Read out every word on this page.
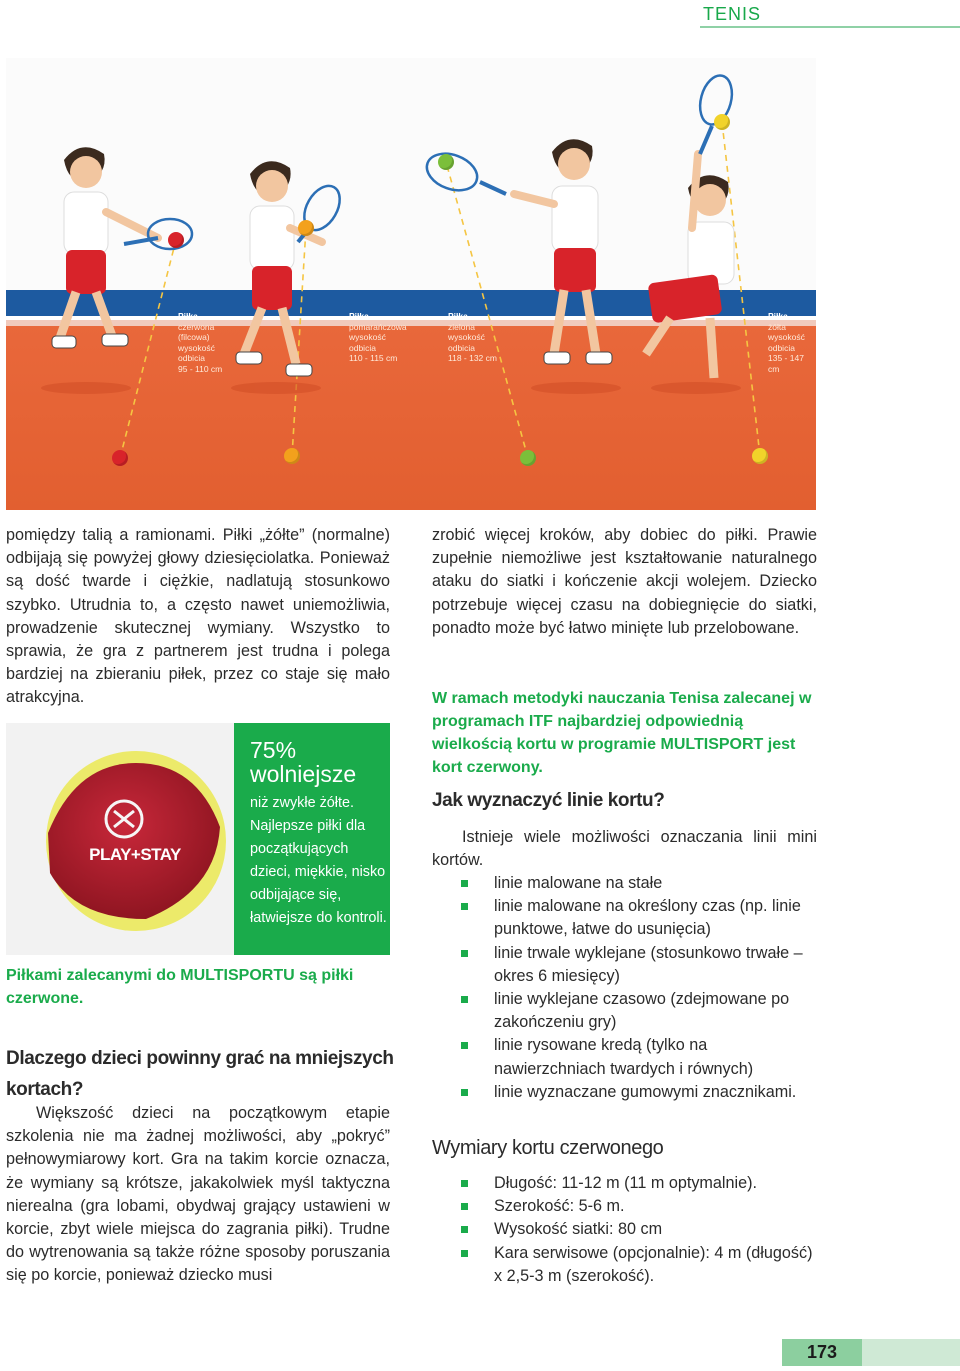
TENIS
Piłka
czerwona
(filcowa)
wysokość
odbicia
95 - 110 cm
Piłka
pomarańczowa
wysokość
odbicia
110 - 115 cm
Piłka
zielona
wysokość
odbicia
118 - 132 cm
Piłka
żółta
wysokość
odbicia
135 - 147 cm
pomiędzy talią a ramionami. Piłki „żółte” (normalne) odbijają się powyżej głowy dziesięciolatka. Ponieważ są dość twarde i ciężkie, nadlatują stosunkowo szybko. Utrudnia to, a często nawet uniemożliwia, prowadzenie skutecznej wymiany. Wszystko to sprawia, że gra z partnerem jest trudna i polega bardziej na zbieraniu piłek, przez co staje się mało atrakcyjna.
PLAY+STAY
75%
wolniejsze
niż zwykłe żółte. Najlepsze piłki dla początkujących dzieci, miękkie, nisko odbijające się, łatwiejsze do kontroli.
Piłkami zalecanymi do MULTISPORTU są piłki czerwone.
Dlaczego dzieci powinny grać na mniejszych kortach?
Większość dzieci na początkowym etapie szkolenia nie ma żadnej możliwości, aby „pokryć” pełnowymiarowy kort. Gra na takim korcie oznacza, że wymiany są krótsze, jakakolwiek myśl taktyczna nierealna (gra lobami, obydwaj grający ustawieni w korcie, zbyt wiele miejsca do zagrania piłki). Trudne do wytrenowania są także różne sposoby poruszania się po korcie, ponieważ dziecko musi
zrobić więcej kroków, aby dobiec do piłki. Prawie zupełnie niemożliwe jest kształtowanie naturalnego ataku do siatki i kończenie akcji wolejem. Dziecko potrzebuje więcej czasu na dobiegnięcie do siatki, ponadto może być łatwo minięte lub przelobowane.
W ramach metodyki nauczania Tenisa zalecanej w programach ITF najbardziej odpowiednią wielkością kortu w programie MULTISPORT jest kort czerwony.
Jak wyznaczyć linie kortu?
Istnieje wiele możliwości oznaczania linii mini kortów.
linie malowane na stałe
linie malowane na określony czas (np. linie punktowe, łatwe do usunięcia)
linie trwale wyklejane (stosunkowo trwałe – okres 6 miesięcy)
linie wyklejane czasowo (zdejmowane po zakończeniu gry)
linie rysowane kredą (tylko na nawierzchniach twardych i równych)
linie wyznaczane gumowymi znacznikami.
Wymiary kortu czerwonego
Długość: 11-12 m (11 m optymalnie).
Szerokość: 5-6 m.
Wysokość siatki: 80 cm
Kara serwisowe (opcjonalnie): 4 m (długość) x 2,5-3 m (szerokość).
173
